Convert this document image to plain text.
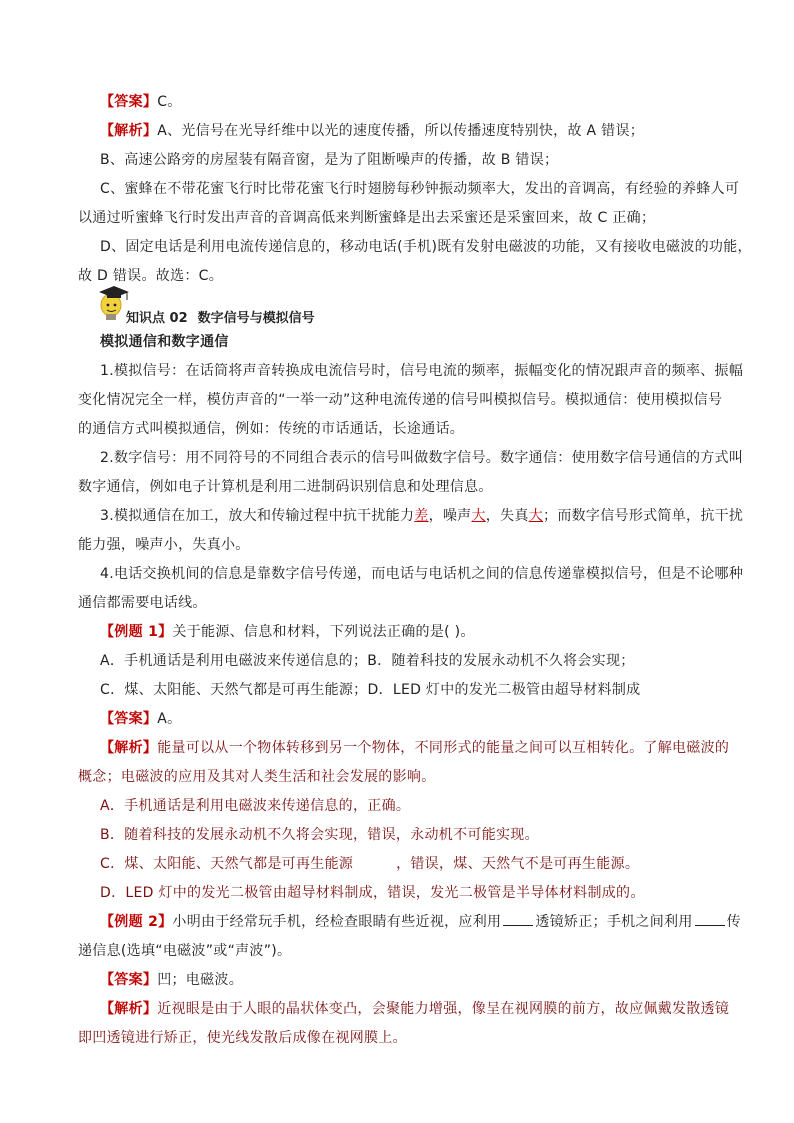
【答案】C。
【解析】A、光信号在光导纤维中以光的速度传播，所以传播速度特别快，故 A 错误；
B、高速公路旁的房屋装有隔音窗，是为了阻断噪声的传播，故 B 错误；
C、蜜蜂在不带花蜜飞行时比带花蜜飞行时翅膀每秒钟振动频率大，发出的音调高，有经验的养蜂人可
以通过听蜜蜂飞行时发出声音的音调高低来判断蜜蜂是出去采蜜还是采蜜回来，故 C 正确；
D、固定电话是利用电流传递信息的，移动电话(手机)既有发射电磁波的功能，又有接收电磁波的功能，
故 D 错误。故选：C。
知识点 02 数字信号与模拟信号
模拟通信和数字通信
1.模拟信号：在话筒将声音转换成电流信号时，信号电流的频率，振幅变化的情况跟声音的频率、振幅
变化情况完全一样，模仿声音的“一举一动”这种电流传递的信号叫模拟信号。模拟通信：使用模拟信号
的通信方式叫模拟通信，例如：传统的市话通话，长途通话。
2.数字信号：用不同符号的不同组合表示的信号叫做数字信号。数字通信：使用数字信号通信的方式叫
数字通信，例如电子计算机是利用二进制码识别信息和处理信息。
3.模拟通信在加工，放大和传输过程中抗干扰能力差，噪声大，失真大；而数字信号形式简单，抗干扰
能力强，噪声小，失真小。
4.电话交换机间的信息是靠数字信号传递，而电话与电话机之间的信息传递靠模拟信号，但是不论哪种
通信都需要电话线。
【例题 1】关于能源、信息和材料，下列说法正确的是( )。
A．手机通话是利用电磁波来传递信息的；B．随着科技的发展永动机不久将会实现；
C．煤、太阳能、天然气都是可再生能源；D．LED 灯中的发光二极管由超导材料制成
【答案】A。
【解析】能量可以从一个物体转移到另一个物体，不同形式的能量之间可以互相转化。了解电磁波的
概念；电磁波的应用及其对人类生活和社会发展的影响。
A．手机通话是利用电磁波来传递信息的，正确。
B．随着科技的发展永动机不久将会实现，错误，永动机不可能实现。
C．煤、太阳能、天然气都是可再生能源　　　，错误，煤、天然气不是可再生能源。
D．LED 灯中的发光二极管由超导材料制成，错误，发光二极管是半导体材料制成的。
【例题 2】小明由于经常玩手机，经检查眼睛有些近视，应利用 透镜矫正；手机之间利用 传
递信息(选填“电磁波”或“声波”)。
【答案】凹；电磁波。
【解析】近视眼是由于人眼的晶状体变凸，会聚能力增强，像呈在视网膜的前方，故应佩戴发散透镜
即凹透镜进行矫正，使光线发散后成像在视网膜上。
